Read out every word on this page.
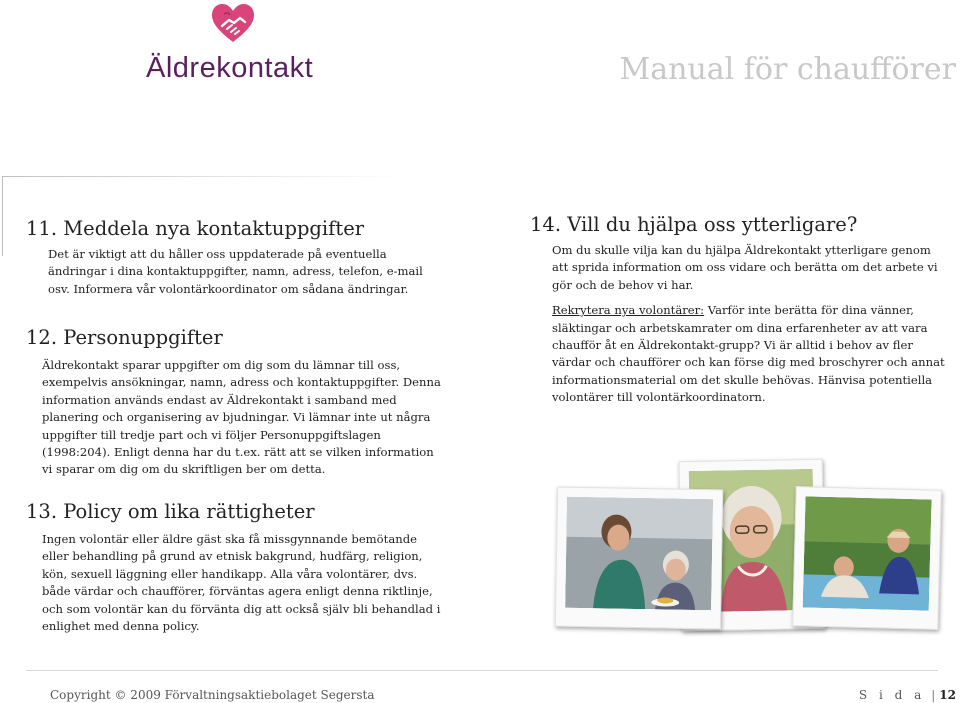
Äldrekontakt	Manual för chaufförer
11. Meddela nya kontaktuppgifter

Det är viktigt att du håller oss uppdaterade på eventuella ändringar i dina kontaktuppgifter, namn, adress, telefon, e-mail osv. Informera vår volontärkoordinator om sådana ändringar.

12. Personuppgifter

Äldrekontakt sparar uppgifter om dig som du lämnar till oss, exempelvis ansökningar, namn, adress och kontaktuppgifter. Denna information används endast av Äldrekontakt i samband med planering och organisering av bjudningar. Vi lämnar inte ut några uppgifter till tredje part och vi följer Personuppgiftslagen (1998:204). Enligt denna har du t.ex. rätt att se vilken information vi sparar om dig om du skriftligen ber om detta.

13. Policy om lika rättigheter

Ingen volontär eller äldre gäst ska få missgynnande bemötande eller behandling på grund av etnisk bakgrund, hudfärg, religion, kön, sexuell läggning eller handikapp. Alla våra volontärer, dvs. både värdar och chaufförer, förväntas agera enligt denna riktlinje, och som volontär kan du förvänta dig att också själv bli behandlad i enlighet med denna policy.

14. Vill du hjälpa oss ytterligare?

Om du skulle vilja kan du hjälpa Äldrekontakt ytterligare genom att sprida information om oss vidare och berätta om det arbete vi gör och de behov vi har.

Rekrytera nya volontärer: Varför inte berätta för dina vänner, släktingar och arbetskamrater om dina erfarenheter av att vara chaufför åt en Äldrekontakt-grupp? Vi är alltid i behov av fler värdar och chaufförer och kan förse dig med broschyrer och annat informationsmaterial om det skulle behövas. Hänvisa potentiella volontärer till volontärkoordinatorn.

Copyright © 2009 Förvaltningsaktiebolaget Segersta	S i d a | 12
